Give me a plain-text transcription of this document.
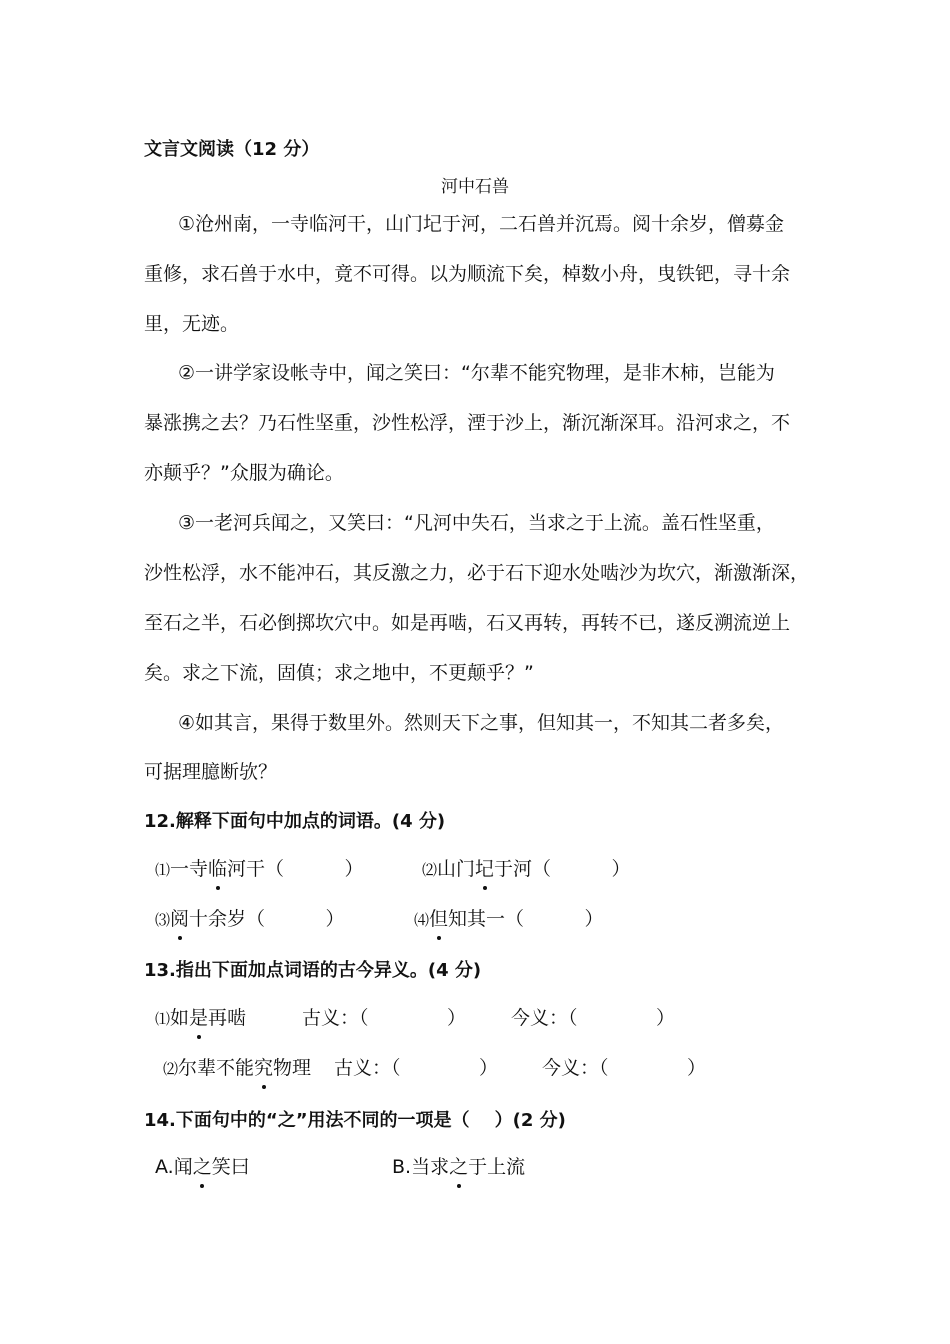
文言文阅读（12 分）
河中石兽
①沧州南，一寺临河干，山门圮于河，二石兽并沉焉。阅十余岁，僧募金
重修，求石兽于水中，竟不可得。以为顺流下矣，棹数小舟，曳铁钯，寻十余
里，无迹。
②一讲学家设帐寺中，闻之笑曰：“尔辈不能究物理，是非木柿，岂能为
暴涨携之去？乃石性坚重，沙性松浮，湮于沙上，渐沉渐深耳。沿河求之，不
亦颠乎？”众服为确论。
③一老河兵闻之，又笑曰：“凡河中失石，当求之于上流。盖石性坚重，
沙性松浮，水不能冲石，其反激之力，必于石下迎水处啮沙为坎穴，渐激渐深，
至石之半，石必倒掷坎穴中。如是再啮，石又再转，再转不已，遂反溯流逆上
矣。求之下流，固傎；求之地中，不更颠乎？”
④如其言，果得于数里外。然则天下之事，但知其一，不知其二者多矣，
可据理臆断欤？
12.解释下面句中加点的词语。(4 分)
⑴一寺临河干（          ）	⑵山门圮于河（          ）
⑶阅十余岁（          ）	⑷但知其一（          ）
13.指出下面加点词语的古今异义。(4 分)
⑴如是再啮	古义：（             ） 今义：（             ）
⑵尔辈不能究物理 古义：（             ） 今义：（             ）
14.下面句中的“之”用法不同的一项是（    ）(2 分)
A.闻之笑曰	B.当求之于上流
